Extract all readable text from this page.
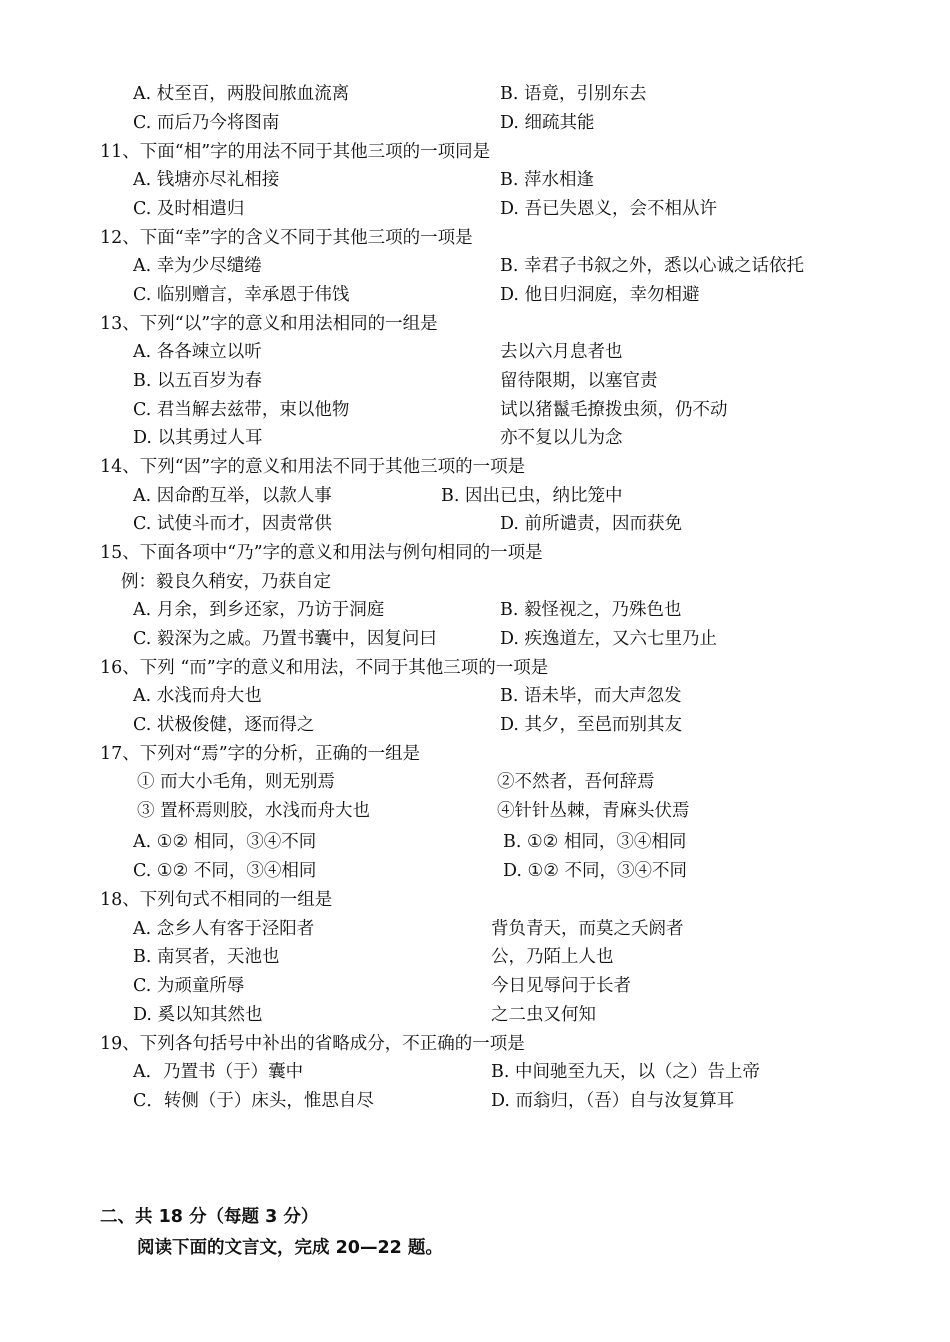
A. 杖至百，两股间脓血流离	B. 语竟，引别东去
C. 而后乃今将图南	D. 细疏其能
11、下面“相”字的用法不同于其他三项的一项同是
A. 钱塘亦尽礼相接	B. 萍水相逢
C. 及时相遣归	D. 吾已失恩义，会不相从许
12、下面“幸”字的含义不同于其他三项的一项是
A. 幸为少尽缱绻	B. 幸君子书叙之外，悉以心诚之话依托
C. 临别赠言，幸承恩于伟饯	D. 他日归洞庭，幸勿相避
13、下列“以”字的意义和用法相同的一组是
A. 各各竦立以听	去以六月息者也
B. 以五百岁为春	留待限期，以塞官责
C. 君当解去兹带，束以他物	试以猪鬣毛撩拨虫须，仍不动
D. 以其勇过人耳	亦不复以儿为念
14、下列“因”字的意义和用法不同于其他三项的一项是
A. 因命酌互举，以款人事	B. 因出已虫，纳比笼中
C. 试使斗而才，因责常供	D. 前所谴责，因而获免
15、下面各项中“乃”字的意义和用法与例句相同的一项是
例：毅良久稍安，乃获自定
A. 月余，到乡还家，乃访于洞庭	B. 毅怪视之，乃殊色也
C. 毅深为之戚。乃置书囊中，因复问曰	D. 疾逸道左，又六七里乃止
16、下列 “而”字的意义和用法，不同于其他三项的一项是
A. 水浅而舟大也	B. 语未毕，而大声忽发
C. 状极俊健，逐而得之	D. 其夕，至邑而别其友
17、下列对“焉”字的分析，正确的一组是
① 而大小毛角，则无别焉	②不然者，吾何辞焉
③ 置杯焉则胶，水浅而舟大也	④针针丛棘，青麻头伏焉
A. ①② 相同，③④不同	B. ①② 相同，③④相同
C. ①② 不同，③④相同	D. ①② 不同，③④不同
18、下列句式不相同的一组是
A. 念乡人有客于泾阳者	背负青天，而莫之夭阏者
B. 南冥者，天池也	公，乃陌上人也
C. 为顽童所辱	今日见辱问于长者
D. 奚以知其然也	之二虫又何知
19、下列各句括号中补出的省略成分，不正确的一项是
A．乃置书（于）囊中	B. 中间驰至九天，以（之）告上帝
C．转侧（于）床头，惟思自尽	D. 而翁归，（吾）自与汝复算耳
二、共 18 分（每题 3 分）
阅读下面的文言文，完成 20—22 题。
